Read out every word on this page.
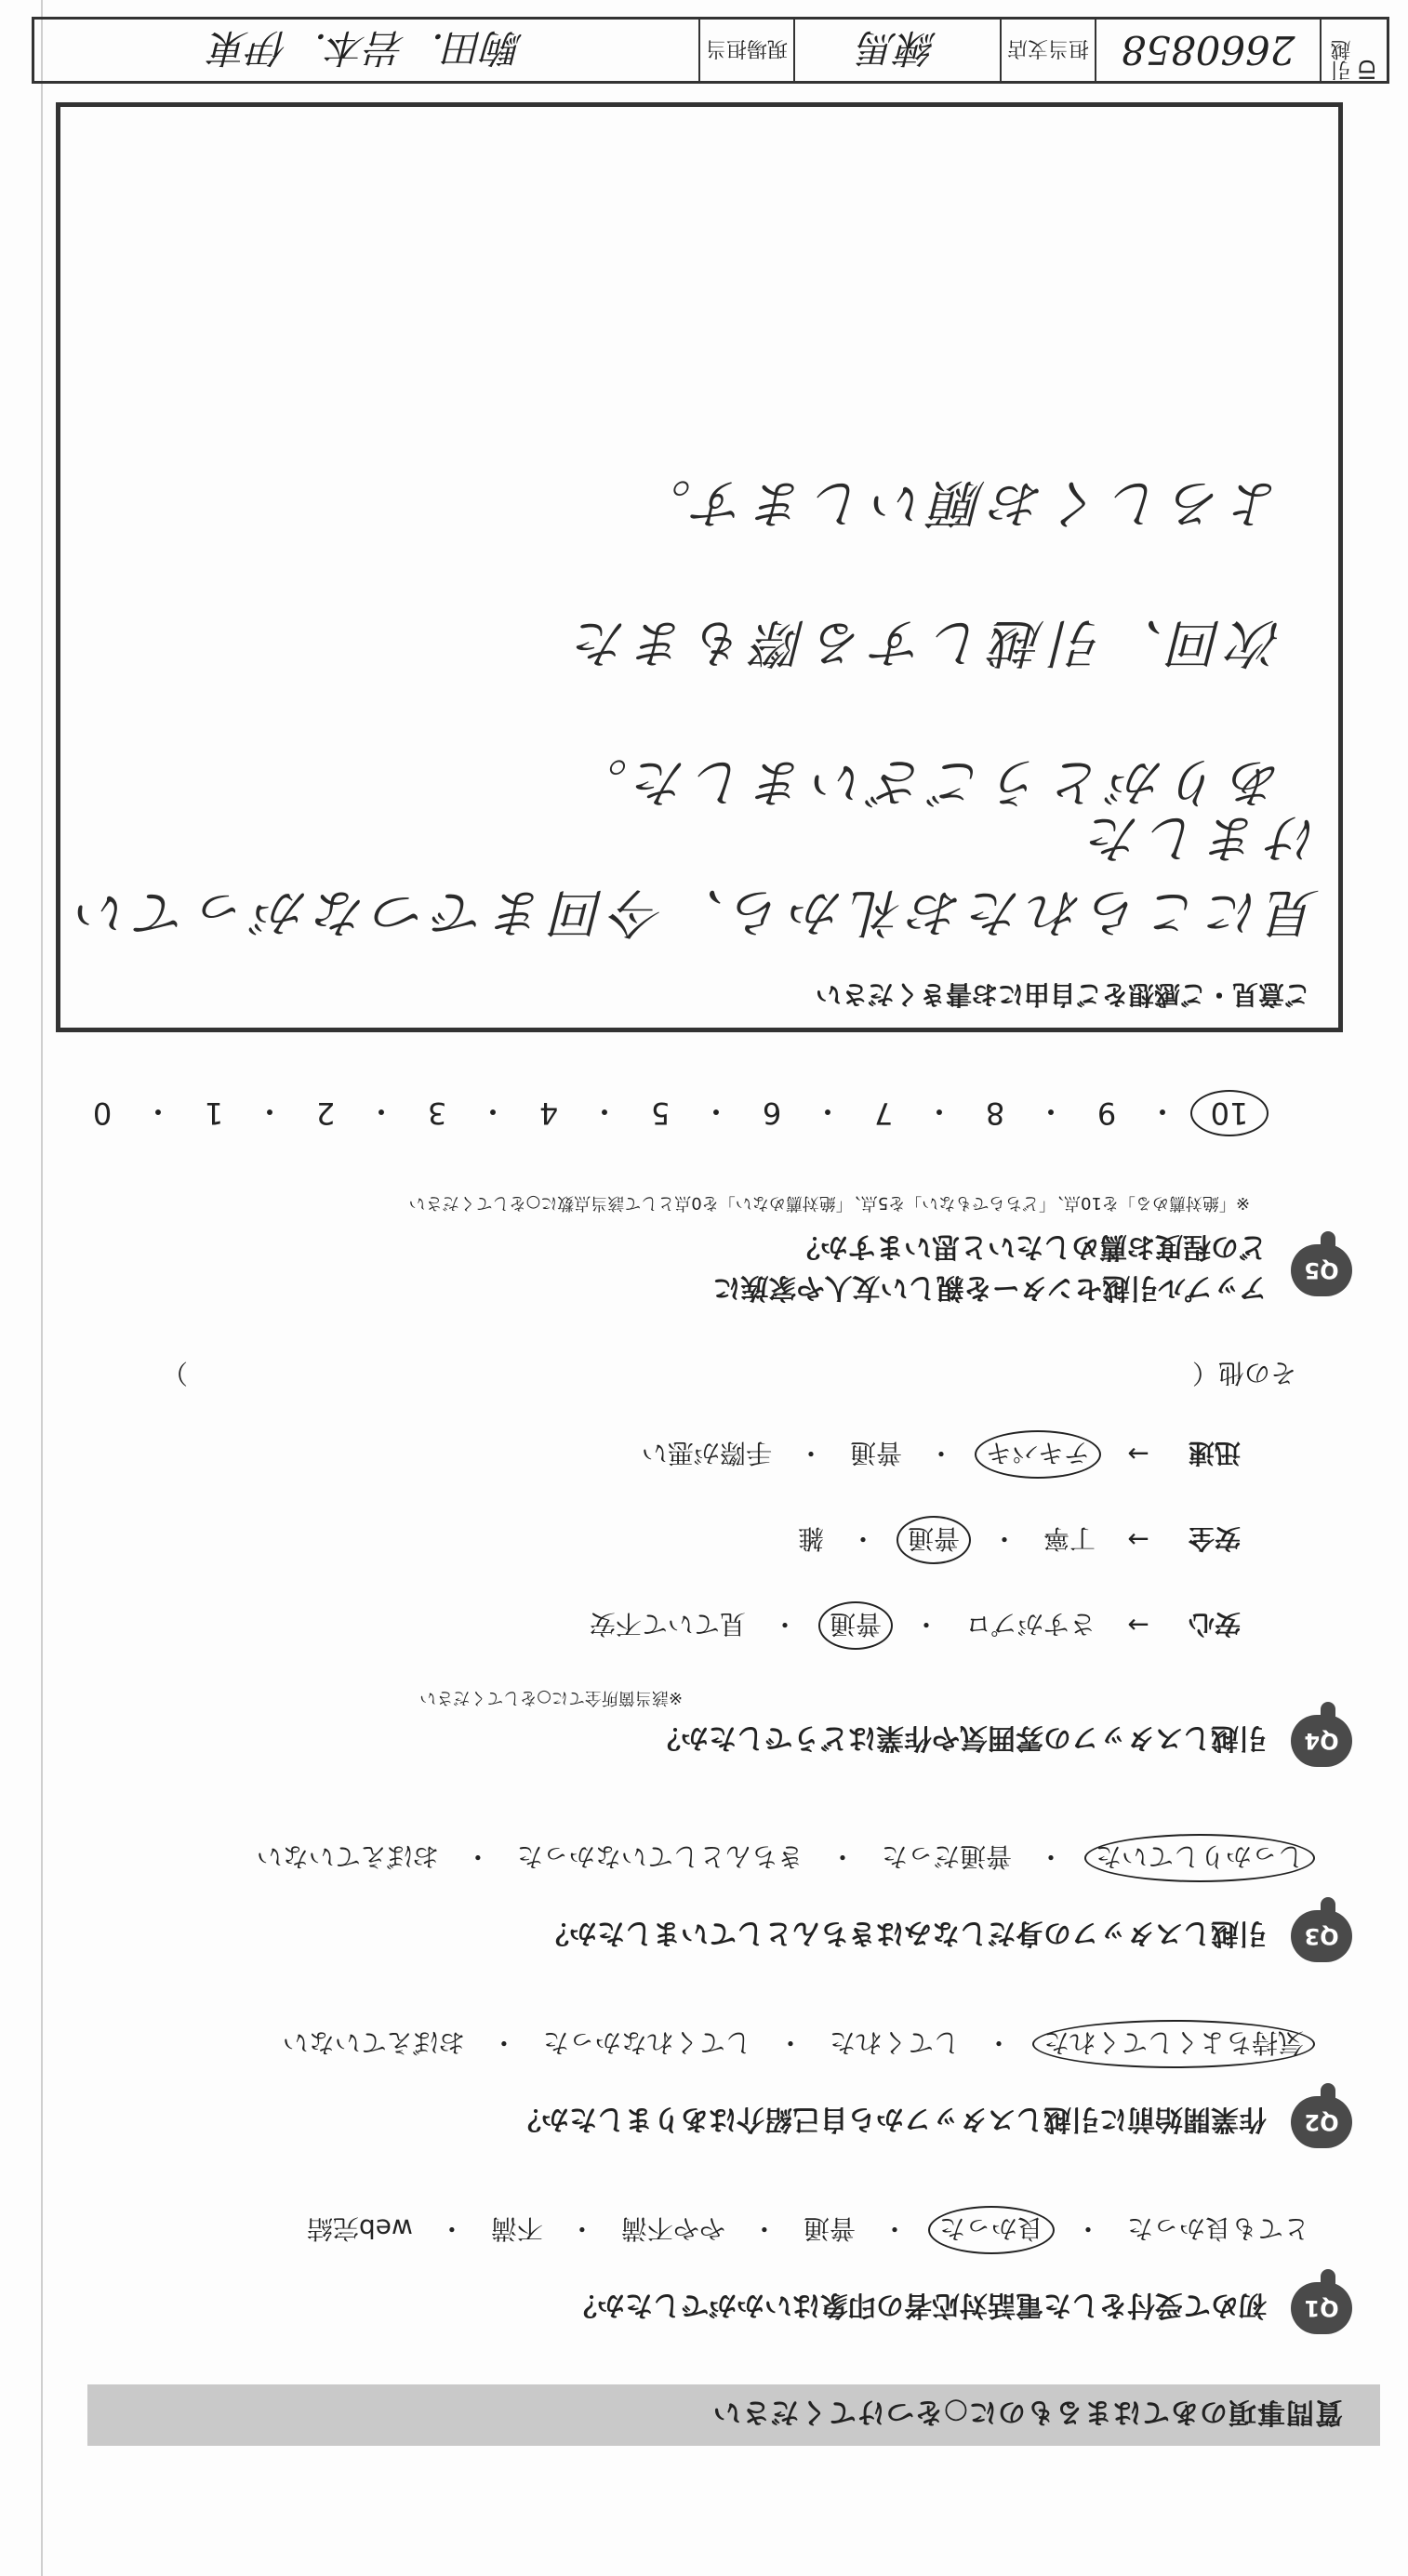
質問事項のあてはまるものに○をつけてください
Q1
初めて受付をした電話対応者の印象はいかがでしたか？
とても良かった
・
良かった
・
普通
・
やや不満
・
不満
・
web完結
Q2
作業開始前に引越しスタッフから自己紹介はありましたか？
気持ちよくしてくれた
・
してくれた
・
してくれなかった
・
おぼえていない
Q3
引越しスタッフの身だしなみはきちんとしていましたか？
しっかりしていた
・
普通だった
・
きちんとしていなかった
・
おぼえていない
Q4
引越しスタッフの雰囲気や作業はどうでしたか？
※該当箇所全てに○をしてください
安心
→
さすがプロ
・
普通
・
見ていて不安
安全
→
丁寧
・
普通
・
雑
迅速
→
テキパキ
・
普通
・
手際が悪い
その他（
）
Q5
アップル引越センターを親しい友人や家族に
どの程度お薦めしたいと思いますか？
※「絶対薦める」を10点、「どちらでもない」を5点、「絶対薦めない」を0点として該当点数に○をしてください
10
・
9
・
8
・
7
・
6
・
5
・
4
・
3
・
2
・
1
・
0
ご意見・ご感想をご自由にお書きください
見にこられたお礼から、今回までつながっていけました
ありがとうございました。
次回、引越しする際もまた
よろしくお願いします。
引越ID
2660858
担当支店
練馬
現場担当
駒田．岩本．伊東
